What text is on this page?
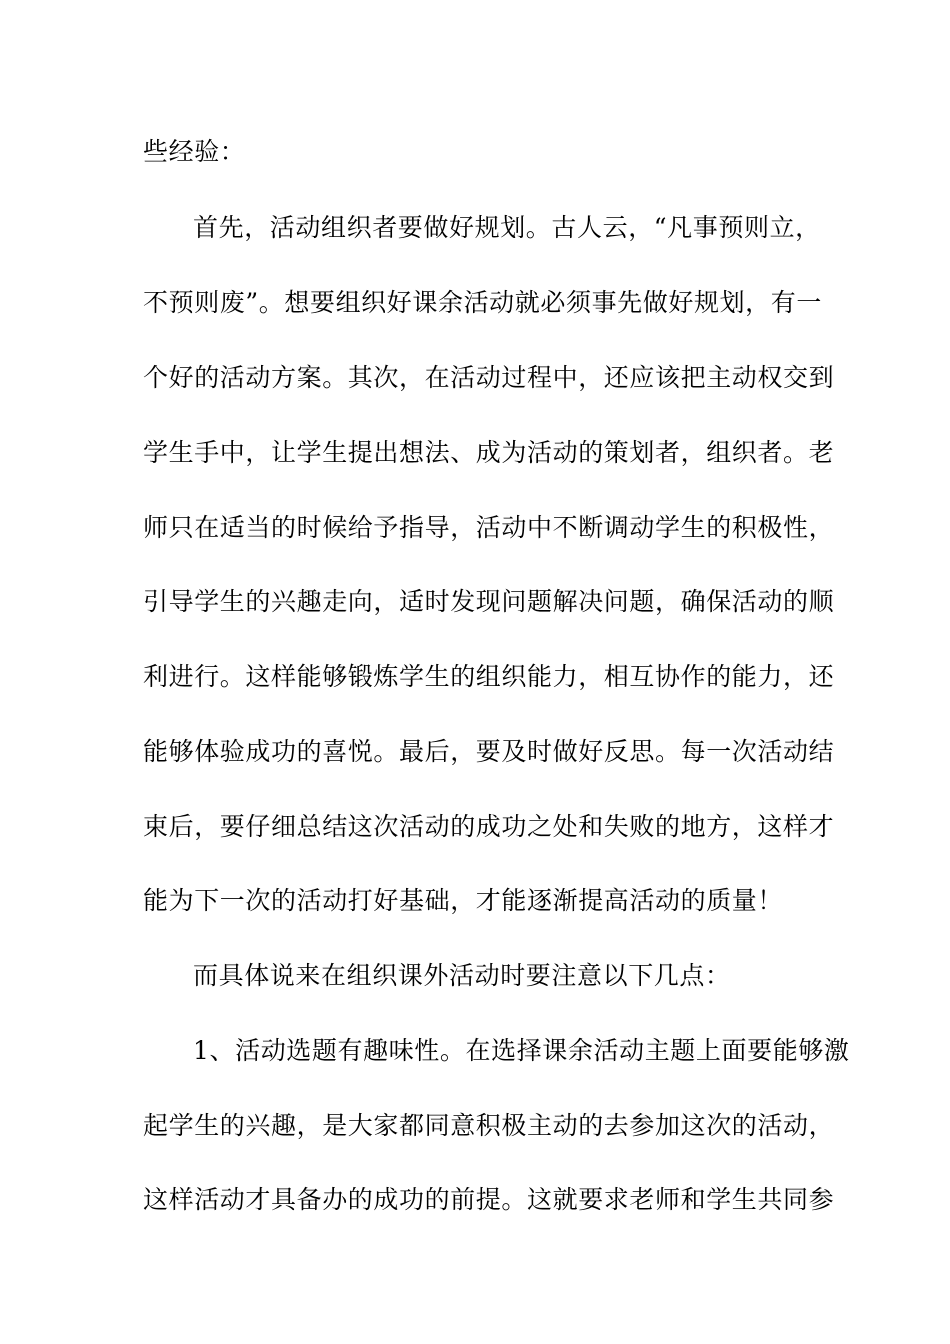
些经验：
首先，活动组织者要做好规划。古人云，“凡事预则立，
不预则废”。想要组织好课余活动就必须事先做好规划，有一
个好的活动方案。其次，在活动过程中，还应该把主动权交到
学生手中，让学生提出想法、成为活动的策划者，组织者。老
师只在适当的时候给予指导，活动中不断调动学生的积极性，
引导学生的兴趣走向，适时发现问题解决问题，确保活动的顺
利进行。这样能够锻炼学生的组织能力，相互协作的能力，还
能够体验成功的喜悦。最后，要及时做好反思。每一次活动结
束后，要仔细总结这次活动的成功之处和失败的地方，这样才
能为下一次的活动打好基础，才能逐渐提高活动的质量！
而具体说来在组织课外活动时要注意以下几点：
1、活动选题有趣味性。在选择课余活动主题上面要能够激
起学生的兴趣，是大家都同意积极主动的去参加这次的活动，
这样活动才具备办的成功的前提。这就要求老师和学生共同参
